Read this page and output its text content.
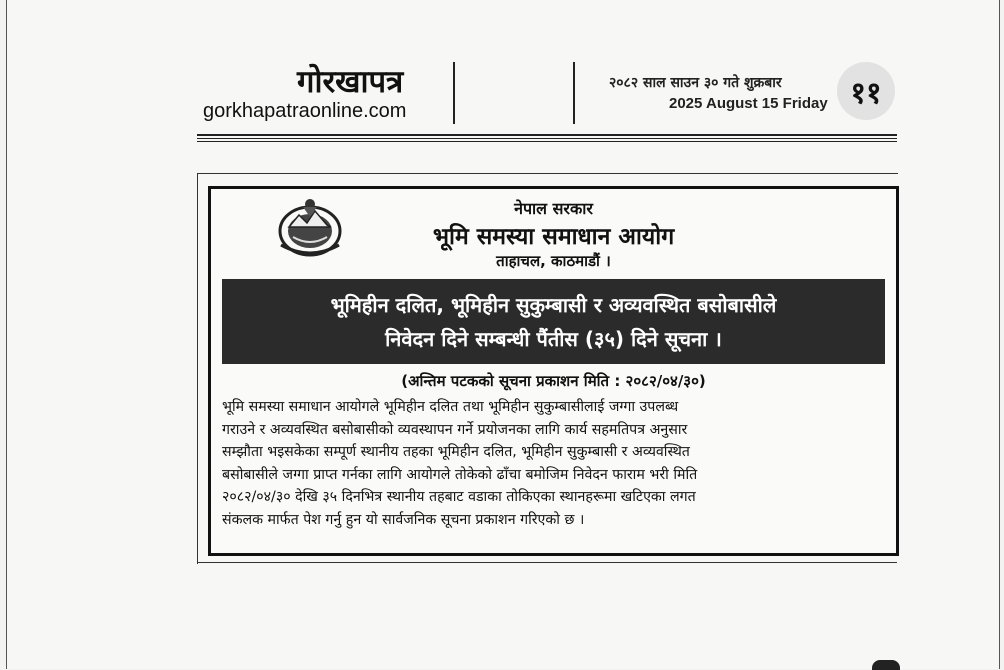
गोरखापत्र
gorkhapatraonline.com
२०८२ साल साउन ३० गते शुक्रबार
2025 August 15 Friday ११
नेपाल सरकार
भूमि समस्या समाधान आयोग
ताहाचल, काठमाडौं ।
भूमिहीन दलित, भूमिहीन सुकुम्बासी र अव्यवस्थित बसोबासीले
निवेदन दिने सम्बन्धी पैंतीस (३५) दिने सूचना ।
(अन्तिम पटकको सूचना प्रकाशन मिति : २०८२/०४/३०)
भूमि समस्या समाधान आयोगले भूमिहीन दलित तथा भूमिहीन सुकुम्बासीलाई जग्गा उपलब्ध
गराउने र अव्यवस्थित बसोबासीको व्यवस्थापन गर्ने प्रयोजनका लागि कार्य सहमतिपत्र अनुसार
सम्झौता भइसकेका सम्पूर्ण स्थानीय तहका भूमिहीन दलित, भूमिहीन सुकुम्बासी र अव्यवस्थित
बसोबासीले जग्गा प्राप्त गर्नका लागि आयोगले तोकेको ढाँचा बमोजिम निवेदन फाराम भरी मिति
२०८२/०४/३० देखि ३५ दिनभित्र स्थानीय तहबाट वडाका तोकिएका स्थानहरूमा खटिएका लगत
संकलक मार्फत पेश गर्नु हुन यो सार्वजनिक सूचना प्रकाशन गरिएको छ ।
